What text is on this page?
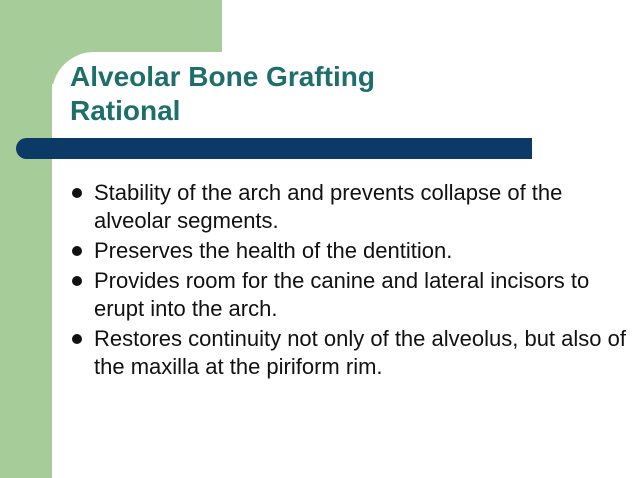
Alveolar Bone Grafting
Rational
Stability of the arch and prevents collapse of the alveolar segments.
Preserves the health of the dentition.
Provides room for the canine and lateral incisors to erupt into the arch.
Restores continuity not only of the alveolus, but also of the maxilla at the piriform rim.
